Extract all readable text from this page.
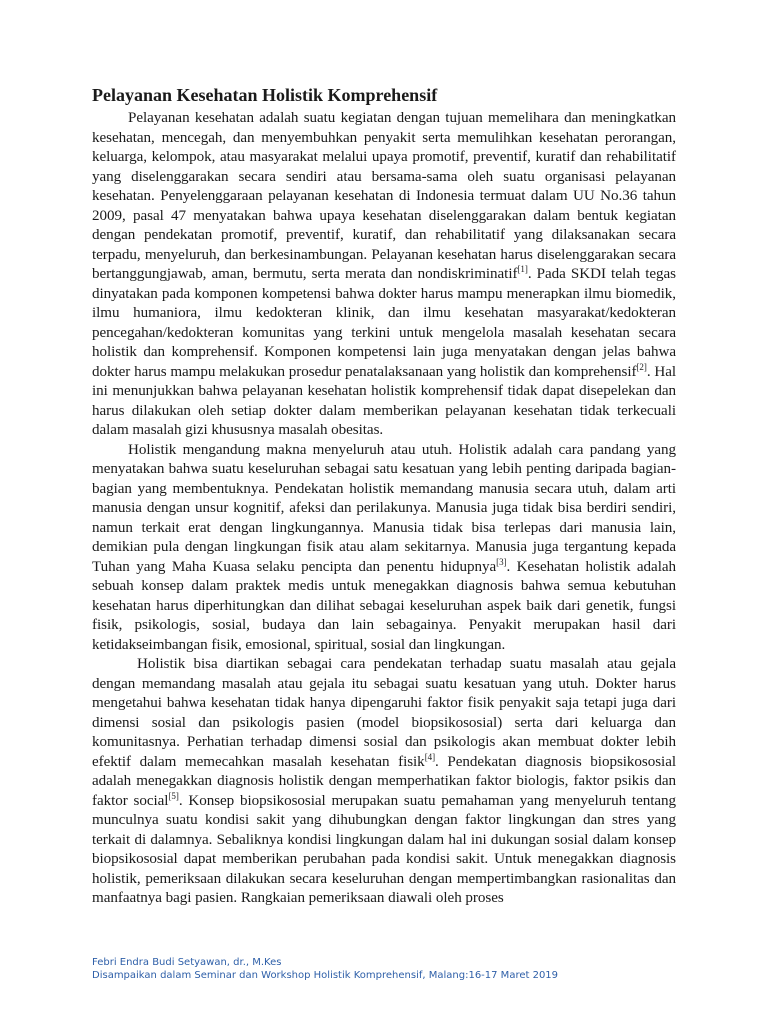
Pelayanan Kesehatan Holistik Komprehensif

Pelayanan kesehatan adalah suatu kegiatan dengan tujuan memelihara dan meningkatkan kesehatan, mencegah, dan menyembuhkan penyakit serta memulihkan kesehatan perorangan, keluarga, kelompok, atau masyarakat melalui upaya promotif, preventif, kuratif dan rehabilitatif yang diselenggarakan secara sendiri atau bersama-sama oleh suatu organisasi pelayanan kesehatan. Penyelenggaraan pelayanan kesehatan di Indonesia termuat dalam UU No.36 tahun 2009, pasal 47 menyatakan bahwa upaya kesehatan diselenggarakan dalam bentuk kegiatan dengan pendekatan promotif, preventif, kuratif, dan rehabilitatif yang dilaksanakan secara terpadu, menyeluruh, dan berkesinambungan. Pelayanan kesehatan harus diselenggarakan secara bertanggungjawab, aman, bermutu, serta merata dan nondiskriminatif[1]. Pada SKDI telah tegas dinyatakan pada komponen kompetensi bahwa dokter harus mampu menerapkan ilmu biomedik, ilmu humaniora, ilmu kedokteran klinik, dan ilmu kesehatan masyarakat/kedokteran pencegahan/kedokteran komunitas yang terkini untuk mengelola masalah kesehatan secara holistik dan komprehensif. Komponen kompetensi lain juga menyatakan dengan jelas bahwa dokter harus mampu melakukan prosedur penatalaksanaan yang holistik dan komprehensif[2]. Hal ini menunjukkan bahwa pelayanan kesehatan holistik komprehensif tidak dapat disepelekan dan harus dilakukan oleh setiap dokter dalam memberikan pelayanan kesehatan tidak terkecuali dalam masalah gizi khususnya masalah obesitas.

Holistik mengandung makna menyeluruh atau utuh. Holistik adalah cara pandang yang menyatakan bahwa suatu keseluruhan sebagai satu kesatuan yang lebih penting daripada bagian-bagian yang membentuknya. Pendekatan holistik memandang manusia secara utuh, dalam arti manusia dengan unsur kognitif, afeksi dan perilakunya. Manusia juga tidak bisa berdiri sendiri, namun terkait erat dengan lingkungannya. Manusia tidak bisa terlepas dari manusia lain, demikian pula dengan lingkungan fisik atau alam sekitarnya. Manusia juga tergantung kepada Tuhan yang Maha Kuasa selaku pencipta dan penentu hidupnya[3]. Kesehatan holistik adalah sebuah konsep dalam praktek medis untuk menegakkan diagnosis bahwa semua kebutuhan kesehatan harus diperhitungkan dan dilihat sebagai keseluruhan aspek baik dari genetik, fungsi fisik, psikologis, sosial, budaya dan lain sebagainya. Penyakit merupakan hasil dari ketidakseimbangan fisik, emosional, spiritual, sosial dan lingkungan.

Holistik bisa diartikan sebagai cara pendekatan terhadap suatu masalah atau gejala dengan memandang masalah atau gejala itu sebagai suatu kesatuan yang utuh. Dokter harus mengetahui bahwa kesehatan tidak hanya dipengaruhi faktor fisik penyakit saja tetapi juga dari dimensi sosial dan psikologis pasien (model biopsikososial) serta dari keluarga dan komunitasnya. Perhatian terhadap dimensi sosial dan psikologis akan membuat dokter lebih efektif dalam memecahkan masalah kesehatan fisik[4]. Pendekatan diagnosis biopsikososial adalah menegakkan diagnosis holistik dengan memperhatikan faktor biologis, faktor psikis dan faktor social[5]. Konsep biopsikososial merupakan suatu pemahaman yang menyeluruh tentang munculnya suatu kondisi sakit yang dihubungkan dengan faktor lingkungan dan stres yang terkait di dalamnya. Sebaliknya kondisi lingkungan dalam hal ini dukungan sosial dalam konsep biopsikososial dapat memberikan perubahan pada kondisi sakit. Untuk menegakkan diagnosis holistik, pemeriksaan dilakukan secara keseluruhan dengan mempertimbangkan rasionalitas dan manfaatnya bagi pasien. Rangkaian pemeriksaan diawali oleh proses

Febri Endra Budi Setyawan, dr., M.Kes
Disampaikan dalam Seminar dan Workshop Holistik Komprehensif, Malang:16-17 Maret 2019
